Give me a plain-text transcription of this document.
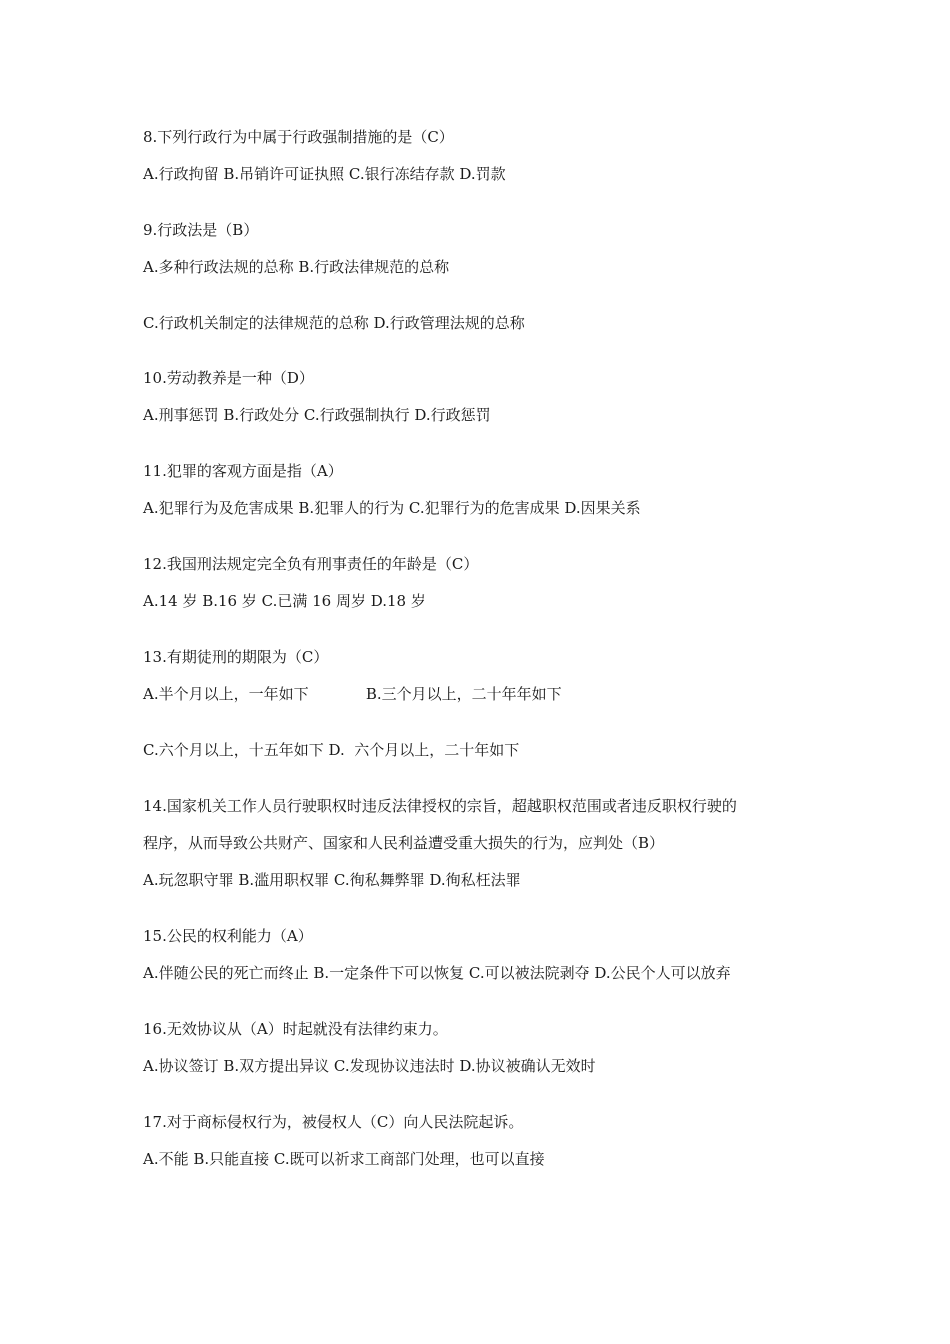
8.下列行政行为中属于行政强制措施的是（C）
A.行政拘留 B.吊销许可证执照 C.银行冻结存款 D.罚款
9.行政法是（B）
A.多种行政法规的总称 B.行政法律规范的总称
C.行政机关制定的法律规范的总称 D.行政管理法规的总称
10.劳动教养是一种（D）
A.刑事惩罚 B.行政处分 C.行政强制执行 D.行政惩罚
11.犯罪的客观方面是指（A）
A.犯罪行为及危害成果 B.犯罪人的行为 C.犯罪行为的危害成果 D.因果关系
12.我国刑法规定完全负有刑事责任的年龄是（C）
A.14 岁 B.16 岁 C.已满 16 周岁 D.18 岁
13.有期徒刑的期限为（C）
A.半个月以上，一年如下            B.三个月以上，二十年年如下
C.六个月以上，十五年如下 D.  六个月以上，二十年如下
14.国家机关工作人员行驶职权时违反法律授权的宗旨，超越职权范围或者违反职权行驶的
程序，从而导致公共财产、国家和人民利益遭受重大损失的行为，应判处（B）
A.玩忽职守罪 B.滥用职权罪 C.徇私舞弊罪 D.徇私枉法罪
15.公民的权利能力（A）
A.伴随公民的死亡而终止 B.一定条件下可以恢复 C.可以被法院剥夺 D.公民个人可以放弃
16.无效协议从（A）时起就没有法律约束力。
A.协议签订 B.双方提出异议 C.发现协议违法时 D.协议被确认无效时
17.对于商标侵权行为，被侵权人（C）向人民法院起诉。
A.不能 B.只能直接 C.既可以祈求工商部门处理，也可以直接
